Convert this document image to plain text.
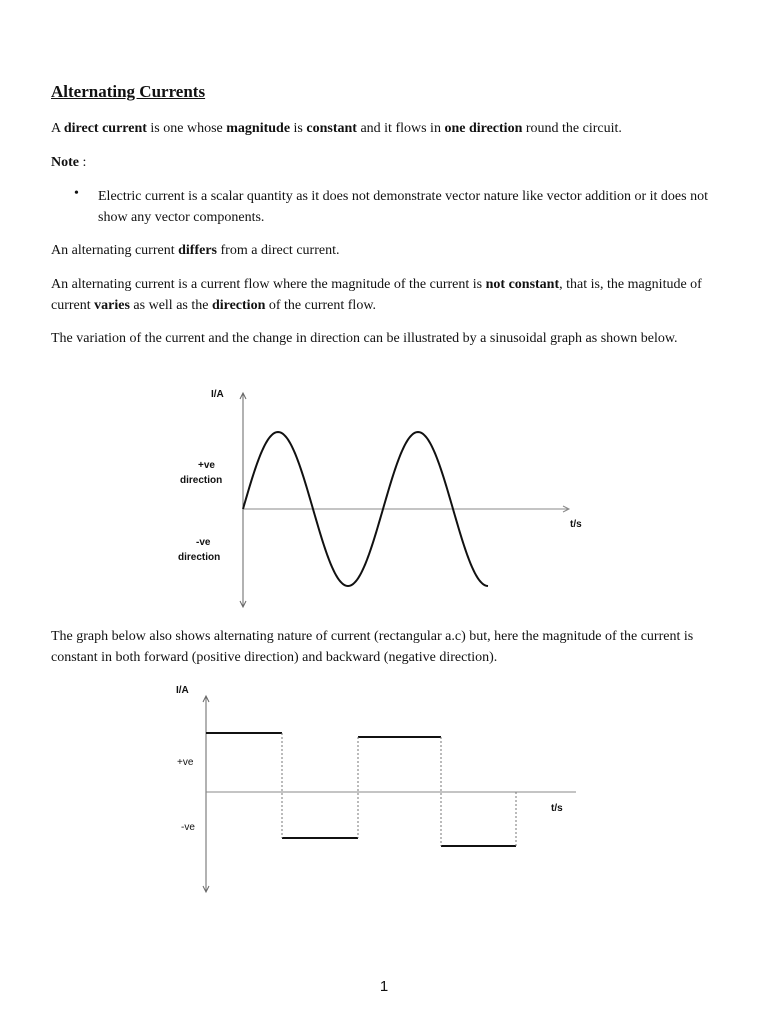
Alternating Currents
A direct current is one whose magnitude is constant and it flows in one direction round the circuit.
Note :
• Electric current is a scalar quantity as it does not demonstrate vector nature like vector addition or it does not show any vector components.
An alternating current differs from a direct current.
An alternating current is a current flow where the magnitude of the current is not constant, that is, the magnitude of current varies as well as the direction of the current flow.
The variation of the current and the change in direction can be illustrated by a sinusoidal graph as shown below.
I/A
t/s
+ve
direction
-ve
direction
The graph below also shows alternating nature of current (rectangular a.c) but, here the magnitude of the current is constant in both forward (positive direction) and backward (negative direction).
I/A
t/s
+ve
-ve
1
